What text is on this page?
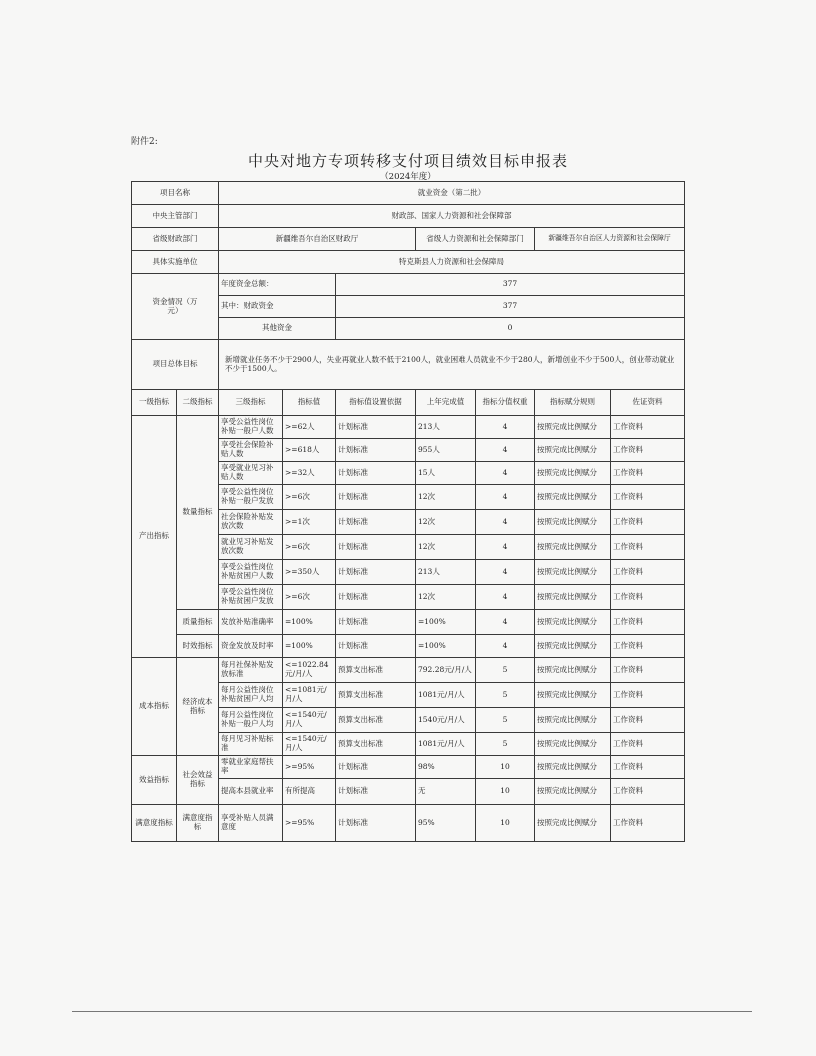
附件2:
中央对地方专项转移支付项目绩效目标申报表
（2024年度）
项目名称		就业资金（第二批）						
中央主管部门		财政部、国家人力资源和社会保障部						
省级财政部门		新疆维吾尔自治区财政厅			省级人力资源和社会保障部门		新疆维吾尔自治区人力资源和社会保障厅	
具体实施单位		特克斯县人力资源和社会保障局						
资金情况（万元）		年度资金总额：		377				
		其中：财政资金		377				
		其他资金		0				
项目总体目标		新增就业任务不少于2900人，失业再就业人数不低于2100人，就业困难人员就业不少于280人，新增创业不少于500人，创业带动就业不少于1500人。						
一级指标	二级指标	三级指标	指标值	指标值设置依据	上年完成值	指标分值权重	指标赋分规则	佐证资料
产出指标	数量指标	享受公益性岗位补贴一般户人数	>=62人	计划标准	213人	4	按照完成比例赋分	工作资料
		享受社会保险补贴人数	>=618人	计划标准	955人	4	按照完成比例赋分	工作资料
		享受就业见习补贴人数	>=32人	计划标准	15人	4	按照完成比例赋分	工作资料
		享受公益性岗位补贴一般户发放	>=6次	计划标准	12次	4	按照完成比例赋分	工作资料
		社会保险补贴发放次数	>=1次	计划标准	12次	4	按照完成比例赋分	工作资料
		就业见习补贴发放次数	>=6次	计划标准	12次	4	按照完成比例赋分	工作资料
		享受公益性岗位补贴贫困户人数	>=350人	计划标准	213人	4	按照完成比例赋分	工作资料
		享受公益性岗位补贴贫困户发放	>=6次	计划标准	12次	4	按照完成比例赋分	工作资料
	质量指标	发放补贴准确率	=100%	计划标准	=100%	4	按照完成比例赋分	工作资料
	时效指标	资金发放及时率	=100%	计划标准	=100%	4	按照完成比例赋分	工作资料
成本指标	经济成本指标	每月社保补贴发放标准	<=1022.84元/月/人	预算支出标准	792.28元/月/人	5	按照完成比例赋分	工作资料
		每月公益性岗位补贴贫困户人均	<=1081元/月/人	预算支出标准	1081元/月/人	5	按照完成比例赋分	工作资料
		每月公益性岗位补贴一般户人均	<=1540元/月/人	预算支出标准	1540元/月/人	5	按照完成比例赋分	工作资料
		每月见习补贴标准	<=1540元/月/人	预算支出标准	1081元/月/人	5	按照完成比例赋分	工作资料
效益指标	社会效益指标	零就业家庭帮扶率	>=95%	计划标准	98%	10	按照完成比例赋分	工作资料
		提高本县就业率	有所提高	计划标准	无	10	按照完成比例赋分	工作资料
满意度指标	满意度指标	享受补贴人员满意度	>=95%	计划标准	95%	10	按照完成比例赋分	工作资料
